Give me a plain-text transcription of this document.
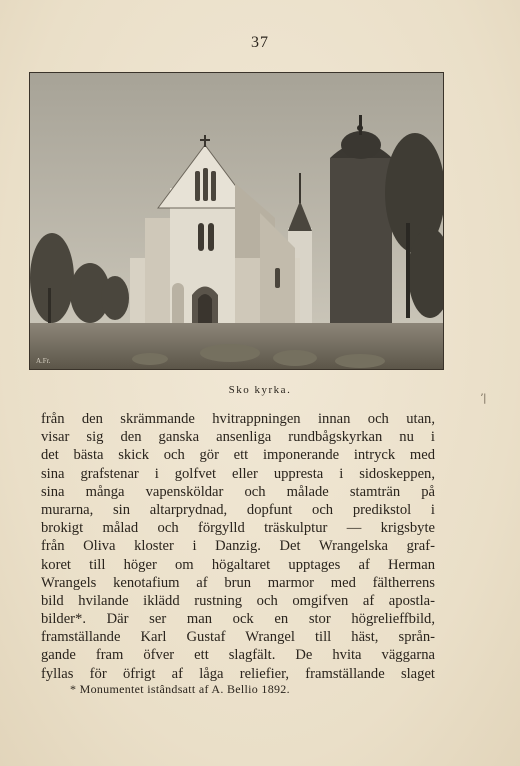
37
A.Fr.
Sko kyrka.
ʼ|
från den skrämmande hvitrappningen innan och utan,
visar sig den ganska ansenliga rundbågskyrkan nu i
det bästa skick och gör ett imponerande intryck med
sina grafstenar i golfvet eller uppresta i sidoskeppen,
sina många vapensköldar och målade stamträn på
murarna, sin altarprydnad, dopfunt och predikstol i
brokigt målad och förgylld träskulptur — krigsbyte
från Oliva kloster i Danzig. Det Wrangelska graf-
koret till höger om högaltaret upptages af Herman
Wrangels kenotafium af brun marmor med fältherrens
bild hvilande iklädd rustning och omgifven af apostla-
bilder*. Där ser man ock en stor högrelieffbild,
framställande Karl Gustaf Wrangel till häst, språn-
gande fram öfver ett slagfält. De hvita väggarna
fyllas för öfrigt af låga reliefier, framställande slaget
* Monumentet istândsatt af A. Bellio 1892.
